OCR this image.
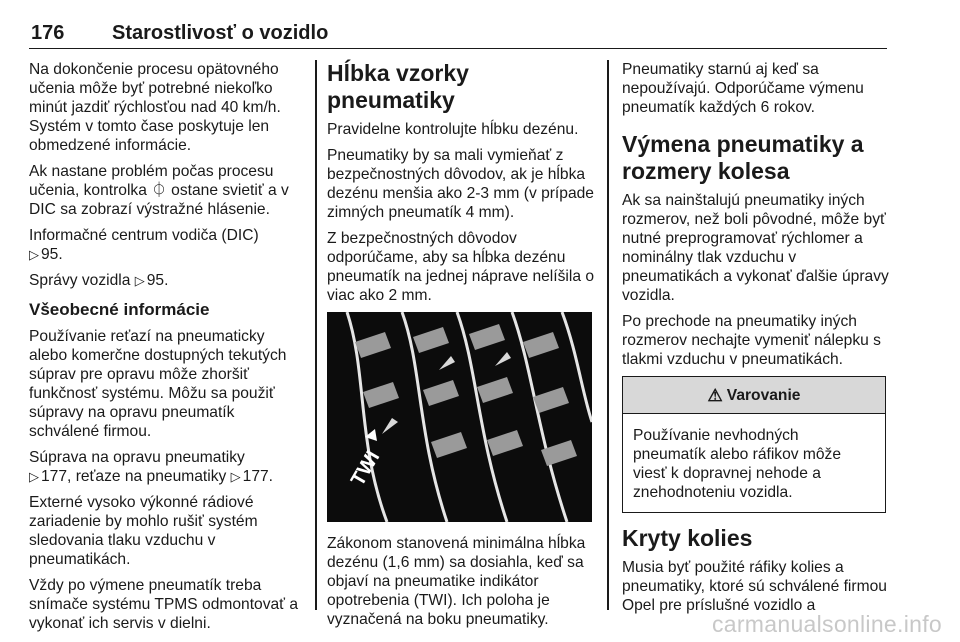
176 Starostlivosť o vozidlo

Na dokončenie procesu opätovného učenia môže byť potrebné niekoľko minút jazdiť rýchlosťou nad 40 km/h. Systém v tomto čase poskytuje len obmedzené informácie.

Ak nastane problém počas procesu učenia, kontrolka ⏀ ostane svietiť a v DIC sa zobrazí výstražné hlásenie.

Informačné centrum vodiča (DIC)
▷ 95.

Správy vozidla ▷ 95.

Všeobecné informácie

Používanie reťazí na pneumaticky alebo komerčne dostupných tekutých súprav pre opravu môže zhoršiť funkčnosť systému. Môžu sa použiť súpravy na opravu pneumatík schválené firmou.

Súprava na opravu pneumatiky
▷ 177, reťaze na pneumatiky ▷ 177.

Externé vysoko výkonné rádiové zariadenie by mohlo rušiť systém sledovania tlaku vzduchu v pneumatikách.

Vždy po výmene pneumatík treba snímače systému TPMS odmontovať a vykonať ich servis v dielni.

Hĺbka vzorky pneumatiky

Pravidelne kontrolujte hĺbku dezénu.

Pneumatiky by sa mali vymieňať z bezpečnostných dôvodov, ak je hĺbka dezénu menšia ako 2-3 mm (v prípade zimných pneumatík 4 mm).

Z bezpečnostných dôvodov odporúčame, aby sa hĺbka dezénu pneumatík na jednej náprave nelíšila o viac ako 2 mm.

TWI

Zákonom stanovená minimálna hĺbka dezénu (1,6 mm) sa dosiahla, keď sa objaví na pneumatike indikátor opotrebenia (TWI). Ich poloha je vyznačená na boku pneumatiky.

Pneumatiky starnú aj keď sa nepoužívajú. Odporúčame výmenu pneumatík každých 6 rokov.

Výmena pneumatiky a rozmery kolesa

Ak sa nainštalujú pneumatiky iných rozmerov, než boli pôvodné, môže byť nutné preprogramovať rýchlomer a nominálny tlak vzduchu v pneumatikách a vykonať ďalšie úpravy vozidla.

Po prechode na pneumatiky iných rozmerov nechajte vymeniť nálepku s tlakmi vzduchu v pneumatikách.

⚠ Varovanie
Používanie nevhodných pneumatík alebo ráfikov môže viesť k dopravnej nehode a znehodnoteniu vozidla.
Kryty kolies

Musia byť použité ráfiky kolies a pneumatiky, ktoré sú schválené firmou Opel pre príslušné vozidlo a

carmanualsonline.info
